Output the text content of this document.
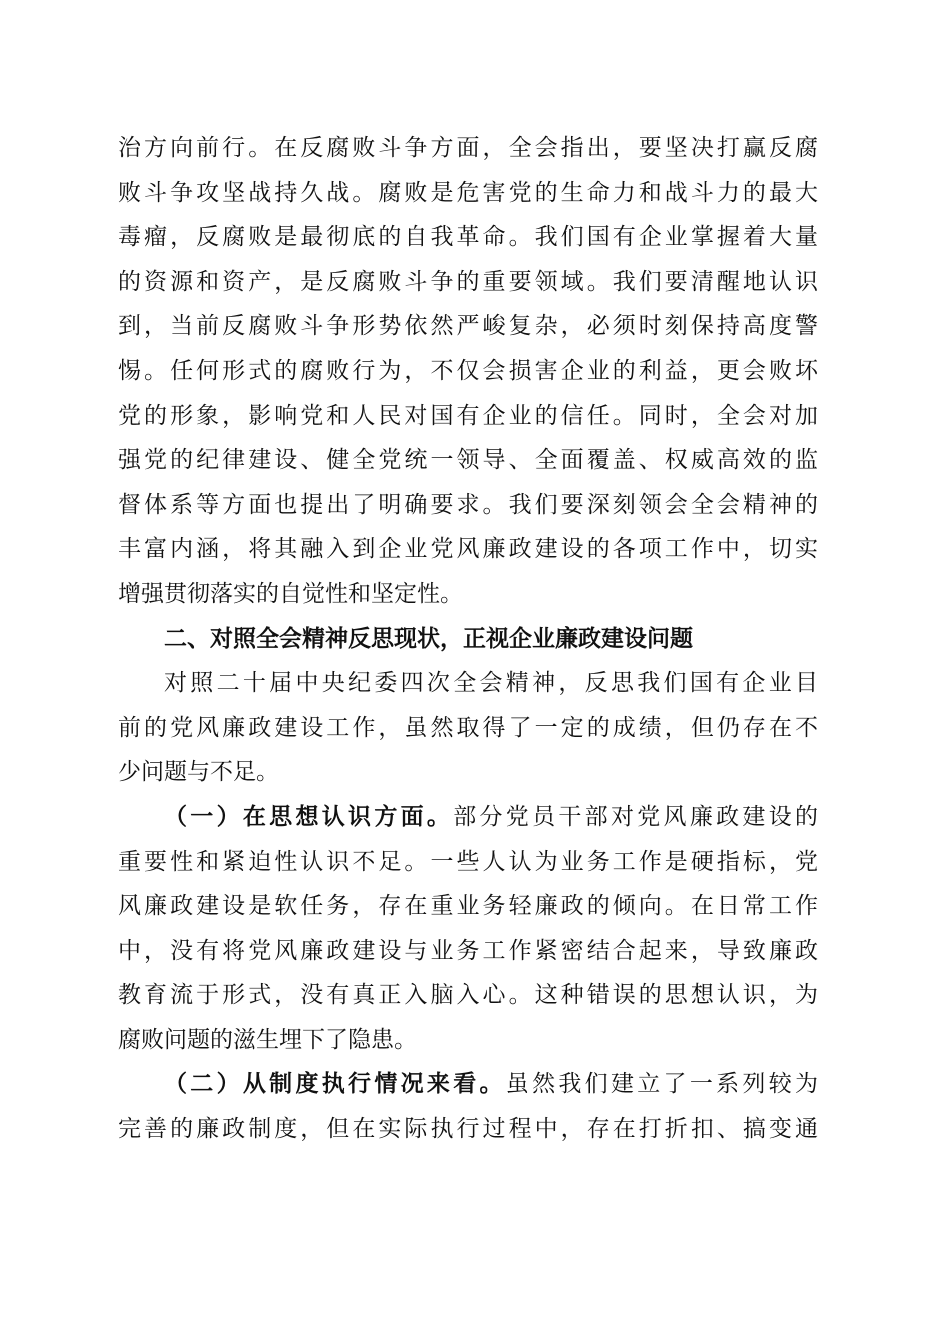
治方向前行。在反腐败斗争方面，全会指出，要坚决打赢反腐
败斗争攻坚战持久战。腐败是危害党的生命力和战斗力的最大
毒瘤，反腐败是最彻底的自我革命。我们国有企业掌握着大量
的资源和资产，是反腐败斗争的重要领域。我们要清醒地认识
到，当前反腐败斗争形势依然严峻复杂，必须时刻保持高度警
惕。任何形式的腐败行为，不仅会损害企业的利益，更会败坏
党的形象，影响党和人民对国有企业的信任。同时，全会对加
强党的纪律建设、健全党统一领导、全面覆盖、权威高效的监
督体系等方面也提出了明确要求。我们要深刻领会全会精神的
丰富内涵，将其融入到企业党风廉政建设的各项工作中，切实
增强贯彻落实的自觉性和坚定性。
二、对照全会精神反思现状，正视企业廉政建设问题
对照二十届中央纪委四次全会精神，反思我们国有企业目
前的党风廉政建设工作，虽然取得了一定的成绩，但仍存在不
少问题与不足。
（一）在思想认识方面。部分党员干部对党风廉政建设的
重要性和紧迫性认识不足。一些人认为业务工作是硬指标，党
风廉政建设是软任务，存在重业务轻廉政的倾向。在日常工作
中，没有将党风廉政建设与业务工作紧密结合起来，导致廉政
教育流于形式，没有真正入脑入心。这种错误的思想认识，为
腐败问题的滋生埋下了隐患。
（二）从制度执行情况来看。虽然我们建立了一系列较为
完善的廉政制度，但在实际执行过程中，存在打折扣、搞变通
